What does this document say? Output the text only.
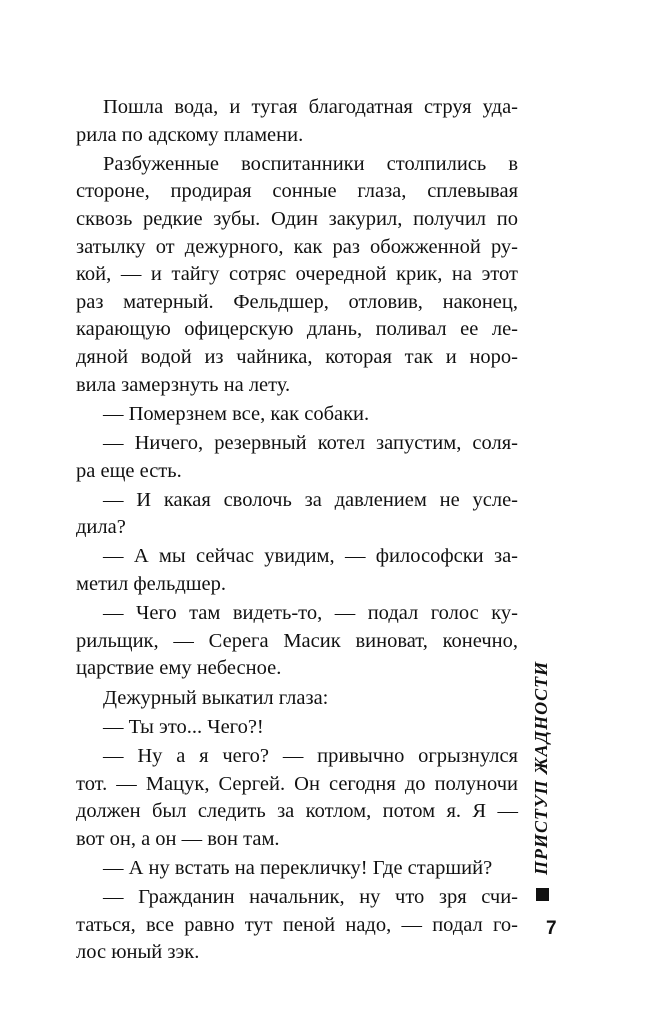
Пошла вода, и тугая благодатная струя уда-
рила по адскому пламени.
Разбуженные воспитанники столпились в
стороне, продирая сонные глаза, сплевывая
сквозь редкие зубы. Один закурил, получил по
затылку от дежурного, как раз обожженной ру-
кой, — и тайгу сотряс очередной крик, на этот
раз матерный. Фельдшер, отловив, наконец,
карающую офицерскую длань, поливал ее ле-
дяной водой из чайника, которая так и норо-
вила замерзнуть на лету.
— Померзнем все, как собаки.
— Ничего, резервный котел запустим, соля-
ра еще есть.
— И какая сволочь за давлением не усле-
дила?
— А мы сейчас увидим, — философски за-
метил фельдшер.
— Чего там видеть-то, — подал голос ку-
рильщик, — Серега Масик виноват, конечно,
царствие ему небесное.
Дежурный выкатил глаза:
— Ты это... Чего?!
— Ну а я чего? — привычно огрызнулся
тот. — Мацук, Сергей. Он сегодня до полуночи
должен был следить за котлом, потом я. Я —
вот он, а он — вон там.
— А ну встать на перекличку! Где старший?
— Гражданин начальник, ну что зря счи-
таться, все равно тут пеной надо, — подал го-
лос юный зэк.
ПРИСТУП ЖАДНОСТИ
7
